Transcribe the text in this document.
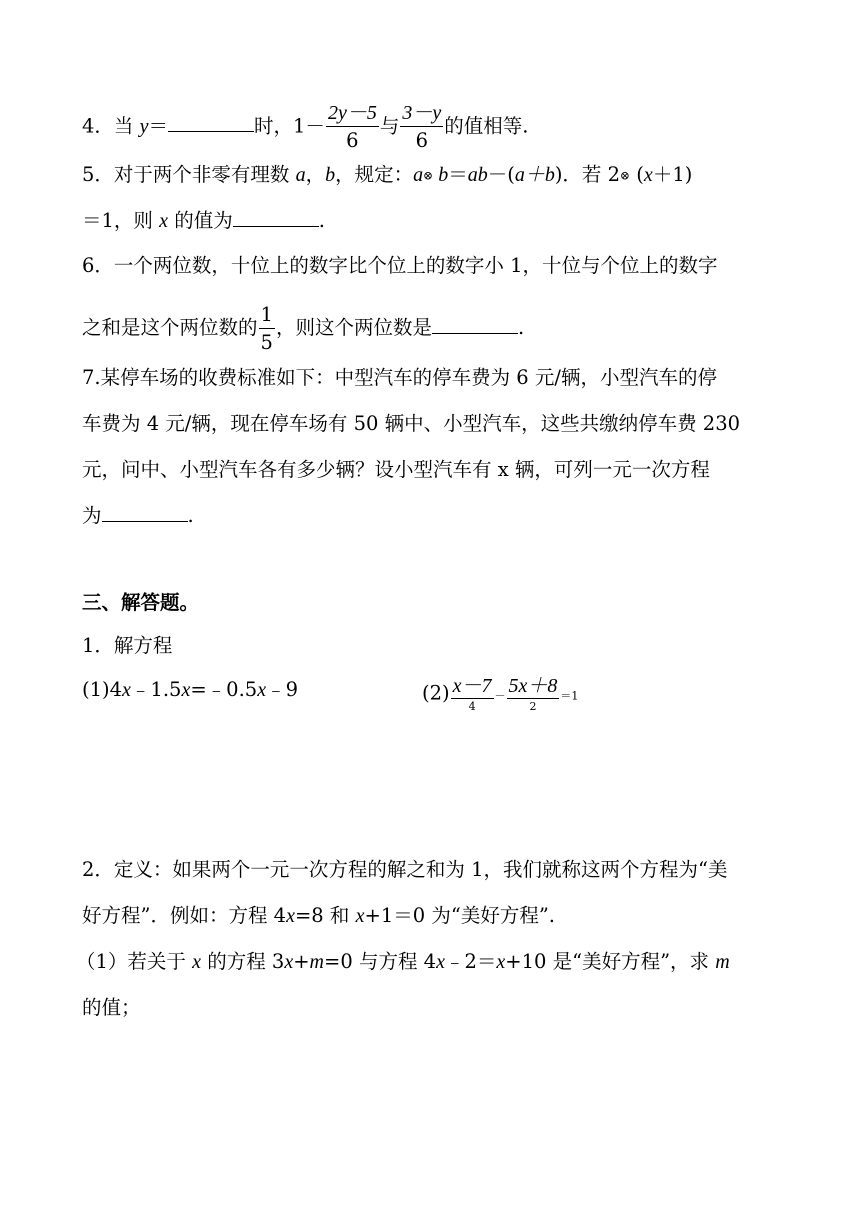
4．当 y＝	时，$1- \frac{2y-5}{6}$ 与 $\frac{3-y}{6}$ 的值相等.
5．对于两个非零有理数 a，b，规定：a⊗ b＝ab－(a＋b)．若 2⊗ (x＋1)
＝1，则 x 的值为	.
6．一个两位数，十位上的数字比个位上的数字小 1，十位与个位上的数字
之和是这个两位数的 $\frac{1}{5}$ ，则这个两位数是	.
7.某停车场的收费标准如下：中型汽车的停车费为 6 元/辆，小型汽车的停
车费为 4 元/辆，现在停车场有 50 辆中、小型汽车，这些共缴纳停车费 230
元，问中、小型汽车各有多少辆？设小型汽车有 x 辆，可列一元一次方程
为	.
三、解答题。
1．解方程
(1)4x﹣1.5x=﹣0.5x﹣9	$(2) \frac{x-7}{4} - \frac{5x+8}{2} =1$
2．定义：如果两个一元一次方程的解之和为 1，我们就称这两个方程为“美
好方程”．例如：方程 4x=8 和 x+1＝0 为“美好方程”.
（1）若关于 x 的方程 3x+m=0 与方程 4x﹣2＝x+10 是“美好方程”，求 m
的值；
